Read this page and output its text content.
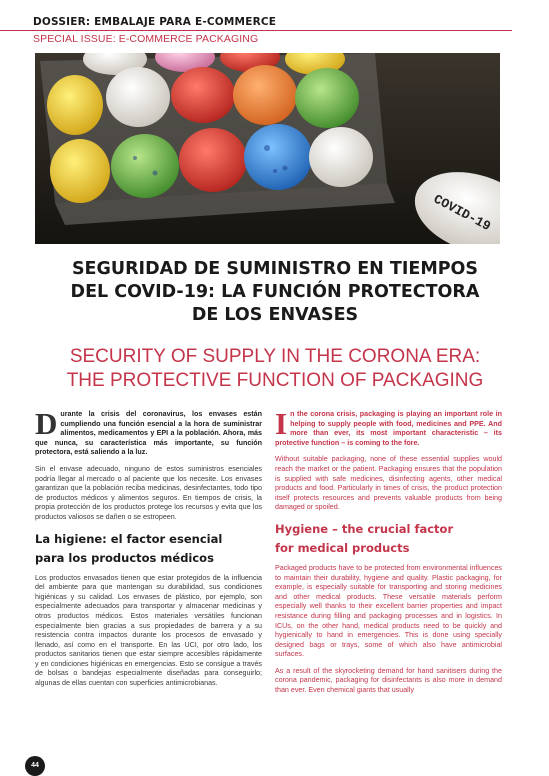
DOSSIER: EMBALAJE PARA E-COMMERCE
SPECIAL ISSUE: E-COMMERCE PACKAGING
COVID-19
SEGURIDAD DE SUMINISTRO EN TIEMPOS
DEL COVID-19: LA FUNCIÓN PROTECTORA
DE LOS ENVASES
SECURITY OF SUPPLY IN THE CORONA ERA:
THE PROTECTIVE FUNCTION OF PACKAGING

Durante la crisis del coronavirus, los envases están cumpliendo una función esencial a la hora de suministrar alimentos, medicamentos y EPI a la población. Ahora, más que nunca, su característica más importante, su función protectora, está saliendo a la luz.

Sin el envase adecuado, ninguno de estos suministros esenciales podría llegar al mercado o al paciente que los necesite. Los envases garantizan que la población reciba medicinas, desinfectantes, todo tipo de productos médicos y alimentos seguros. En tiempos de crisis, la propia protección de los productos protege los recursos y evita que los productos valiosos se dañen o se estropeen.

La higiene: el factor esencial
para los productos médicos

Los productos envasados tienen que estar protegidos de la influencia del ambiente para que mantengan su durabilidad, sus condiciones higiénicas y su calidad. Los envases de plástico, por ejemplo, son especialmente adecuados para transportar y almacenar medicinas y otros productos médicos. Estos materiales versátiles funcionan especialmente bien gracias a sus propiedades de barrera y a su resistencia contra impactos durante los procesos de envasado y llenado, así como en el transporte. En las UCI, por otro lado, los productos sanitarios tienen que estar siempre accesibles rápidamente y en condiciones higiénicas en emergencias. Esto se consigue a través de bolsas o bandejas especialmente diseñadas para conseguirlo; algunas de ellas cuentan con superficies antimicrobianas.

In the corona crisis, packaging is playing an important role in helping to supply people with food, medicines and PPE. And more than ever, its most important characteristic – its protective function – is coming to the fore.

Without suitable packaging, none of these essential supplies would reach the market or the patient. Packaging ensures that the population is supplied with safe medicines, disinfecting agents, other medical products and food. Particularly in times of crisis, the product protection itself protects resources and prevents valuable products from being damaged or spoiled.

Hygiene – the crucial factor
for medical products

Packaged products have to be protected from environmental influences to maintain their durability, hygiene and quality. Plastic packaging, for example, is especially suitable for transporting and storing medicines and other medical products. These versatile materials perform especially well thanks to their excellent barrier properties and impact resistance during filling and packaging processes and in logistics. In ICUs, on the other hand, medical products need to be quickly and hygienically to hand in emergencies. This is done using specially designed bags or trays, some of which also have antimicrobial surfaces.

As a result of the skyrocketing demand for hand sanitisers during the corona pandemic, packaging for disinfectants is also more in demand than ever. Even chemical giants that usually

44
